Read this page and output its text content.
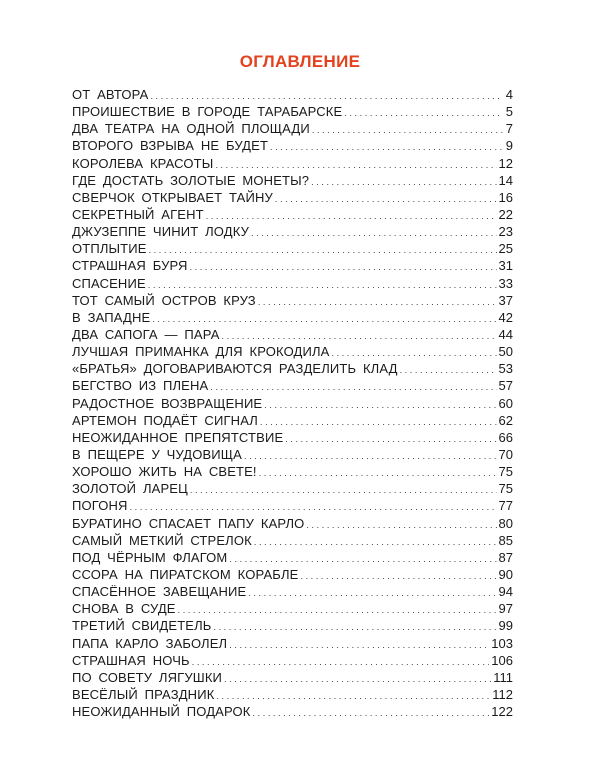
ОГЛАВЛЕНИЕ
ОТ АВТОРА .....	4
ПРОИШЕСТВИЕ В ГОРОДЕ ТАРАБАРСКЕ .....	5
ДВА ТЕАТРА НА ОДНОЙ ПЛОЩАДИ .....	7
ВТОРОГО ВЗРЫВА НЕ БУДЕТ .....	9
КОРОЛЕВА КРАСОТЫ .....	12
ГДЕ ДОСТАТЬ ЗОЛОТЫЕ МОНЕТЫ? .....	14
СВЕРЧОК ОТКРЫВАЕТ ТАЙНУ .....	16
СЕКРЕТНЫЙ АГЕНТ .....	22
ДЖУЗЕППЕ ЧИНИТ ЛОДКУ .....	23
ОТПЛЫТИЕ .....	25
СТРАШНАЯ БУРЯ .....	31
СПАСЕНИЕ .....	33
ТОТ САМЫЙ ОСТРОВ КРУЗ .....	37
В ЗАПАДНЕ .....	42
ДВА САПОГА — ПАРА .....	44
ЛУЧШАЯ ПРИМАНКА ДЛЯ КРОКОДИЛА .....	50
«БРАТЬЯ» ДОГОВАРИВАЮТСЯ РАЗДЕЛИТЬ КЛАД .....	53
БЕГСТВО ИЗ ПЛЕНА .....	57
РАДОСТНОЕ ВОЗВРАЩЕНИЕ .....	60
АРТЕМОН ПОДАЁТ СИГНАЛ .....	62
НЕОЖИДАННОЕ ПРЕПЯТСТВИЕ .....	66
В ПЕЩЕРЕ У ЧУДОВИЩА .....	70
ХОРОШО ЖИТЬ НА СВЕТЕ! .....	75
ЗОЛОТОЙ ЛАРЕЦ .....	75
ПОГОНЯ .....	77
БУРАТИНО СПАСАЕТ ПАПУ КАРЛО .....	80
САМЫЙ МЕТКИЙ СТРЕЛОК .....	85
ПОД ЧЁРНЫМ ФЛАГОМ .....	87
ССОРА НА ПИРАТСКОМ КОРАБЛЕ .....	90
СПАСЁННОЕ ЗАВЕЩАНИЕ .....	94
СНОВА В СУДЕ .....	97
ТРЕТИЙ СВИДЕТЕЛЬ .....	99
ПАПА КАРЛО ЗАБОЛЕЛ .....	103
СТРАШНАЯ НОЧЬ .....	106
ПО СОВЕТУ ЛЯГУШКИ .....	111
ВЕСЁЛЫЙ ПРАЗДНИК .....	112
НЕОЖИДАННЫЙ ПОДАРОК .....	122
